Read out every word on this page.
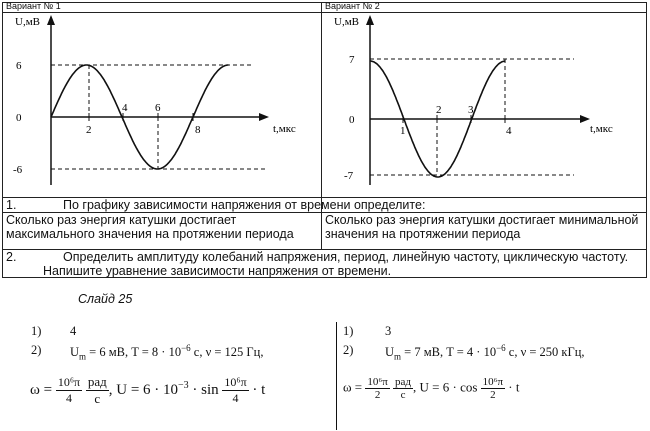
Вариант № 1	Вариант № 2
U,мВ
t,мкс
6
0
-6
2
4	6
8
U,мВ
t,мкс
7
0
-7
1
2 3
4
1.	По графику зависимости напряжения от времени определите:
Сколько раз энергия катушки достигает максимального значения на протяжении периода
Сколько раз энергия катушки достигает минимальной значения на протяжении периода
2.	Определить амплитуду колебаний напряжения, период, линейную частоту, циклическую частоту. Напишите уравнение зависимости напряжения от времени.
Слайд 25
1) 4
2) $U_m = 6$ мВ, $T = 8 \cdot 10^{-6}$ с, ν = 125 Гц,
$\omega = \frac{\text{10⁶π}}{4}$
$\frac{\text{рад}}{с}$ , $U = 6 \cdot 10^{-3} \cdot \sin \frac{\text{10⁶π}}{4} \cdot t$
1)	3
2)	$U_m = 7$ мВ, $T = 4 \cdot 10^{-6}$ с, ν = 250 кГц,
$\omega = \frac{\text{10⁶π}}{2}$
$\frac{\text{рад}}{с}$ , $U = 6 \cdot \cos \frac{\text{10⁶π}}{2} \cdot t$
